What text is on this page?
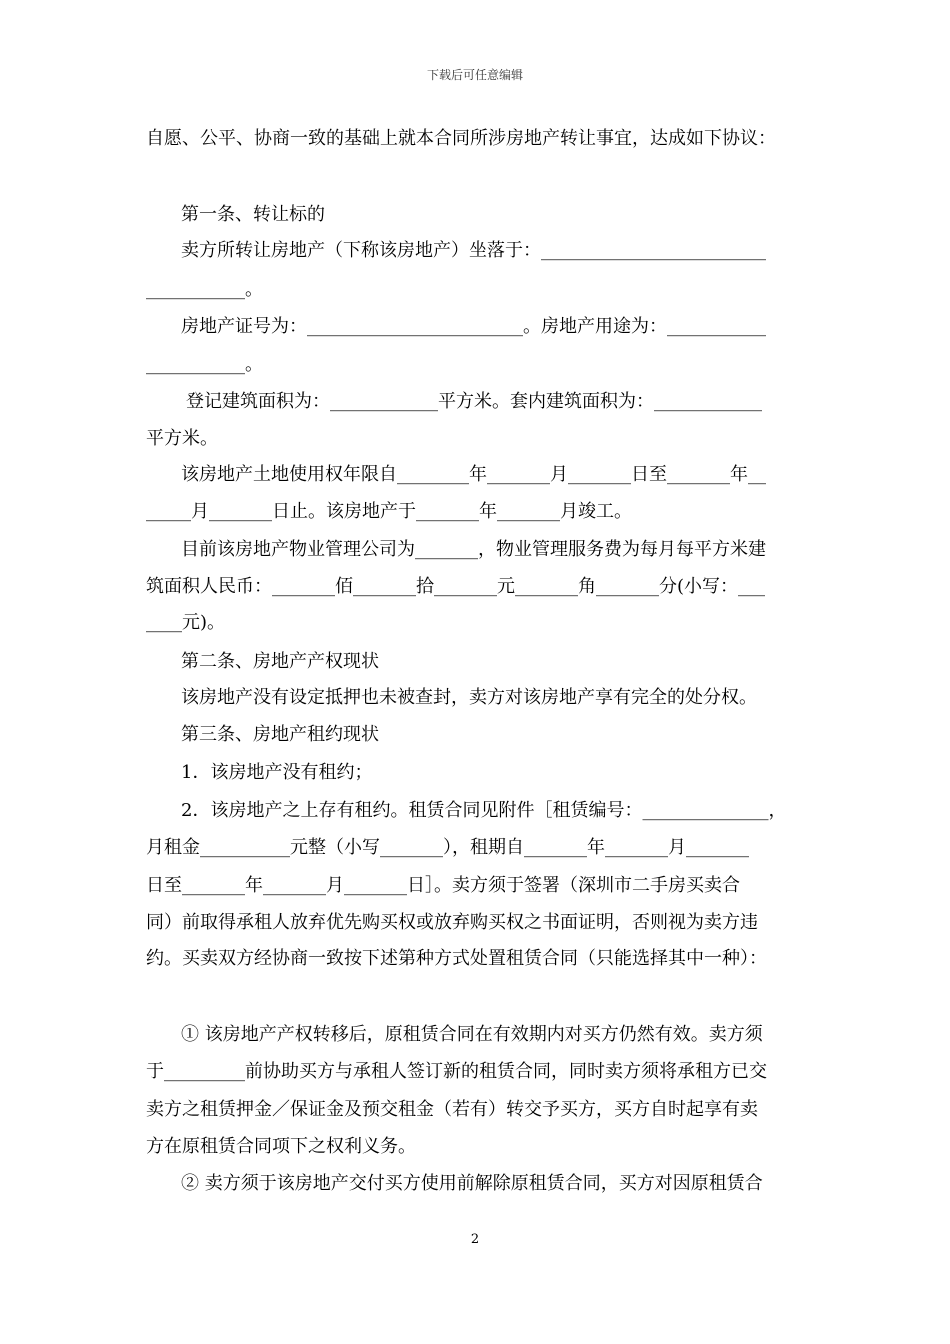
下载后可任意编辑
自愿、公平、协商一致的基础上就本合同所涉房地产转让事宜，达成如下协议：
第一条、转让标的
卖方所转让房地产（下称该房地产）坐落于：_________________________
___________。
房地产证号为：________________________。房地产用途为：___________
___________。
登记建筑面积为：____________平方米。套内建筑面积为：____________
平方米。
该房地产土地使用权年限自________年_______月_______日至_______年__
_____月_______日止。该房地产于_______年_______月竣工。
目前该房地产物业管理公司为_______，物业管理服务费为每月每平方米建
筑面积人民币：_______佰_______拾_______元_______角_______分(小写：___
____元)。
第二条、房地产产权现状
该房地产没有设定抵押也未被查封，卖方对该房地产享有完全的处分权。
第三条、房地产租约现状
1．该房地产没有租约；
2．该房地产之上存有租约。租赁合同见附件［租赁编号：______________，
月租金__________元整（小写_______），租期自_______年_______月_______
日至_______年_______月_______日］。卖方须于签署（深圳市二手房买卖合
同）前取得承租人放弃优先购买权或放弃购买权之书面证明，否则视为卖方违
约。买卖双方经协商一致按下述第种方式处置租赁合同（只能选择其中一种）：
① 该房地产产权转移后，原租赁合同在有效期内对买方仍然有效。卖方须
于_________前协助买方与承租人签订新的租赁合同，同时卖方须将承租方已交
卖方之租赁押金／保证金及预交租金（若有）转交予买方，买方自时起享有卖
方在原租赁合同项下之权利义务。
② 卖方须于该房地产交付买方使用前解除原租赁合同，买方对因原租赁合
2
